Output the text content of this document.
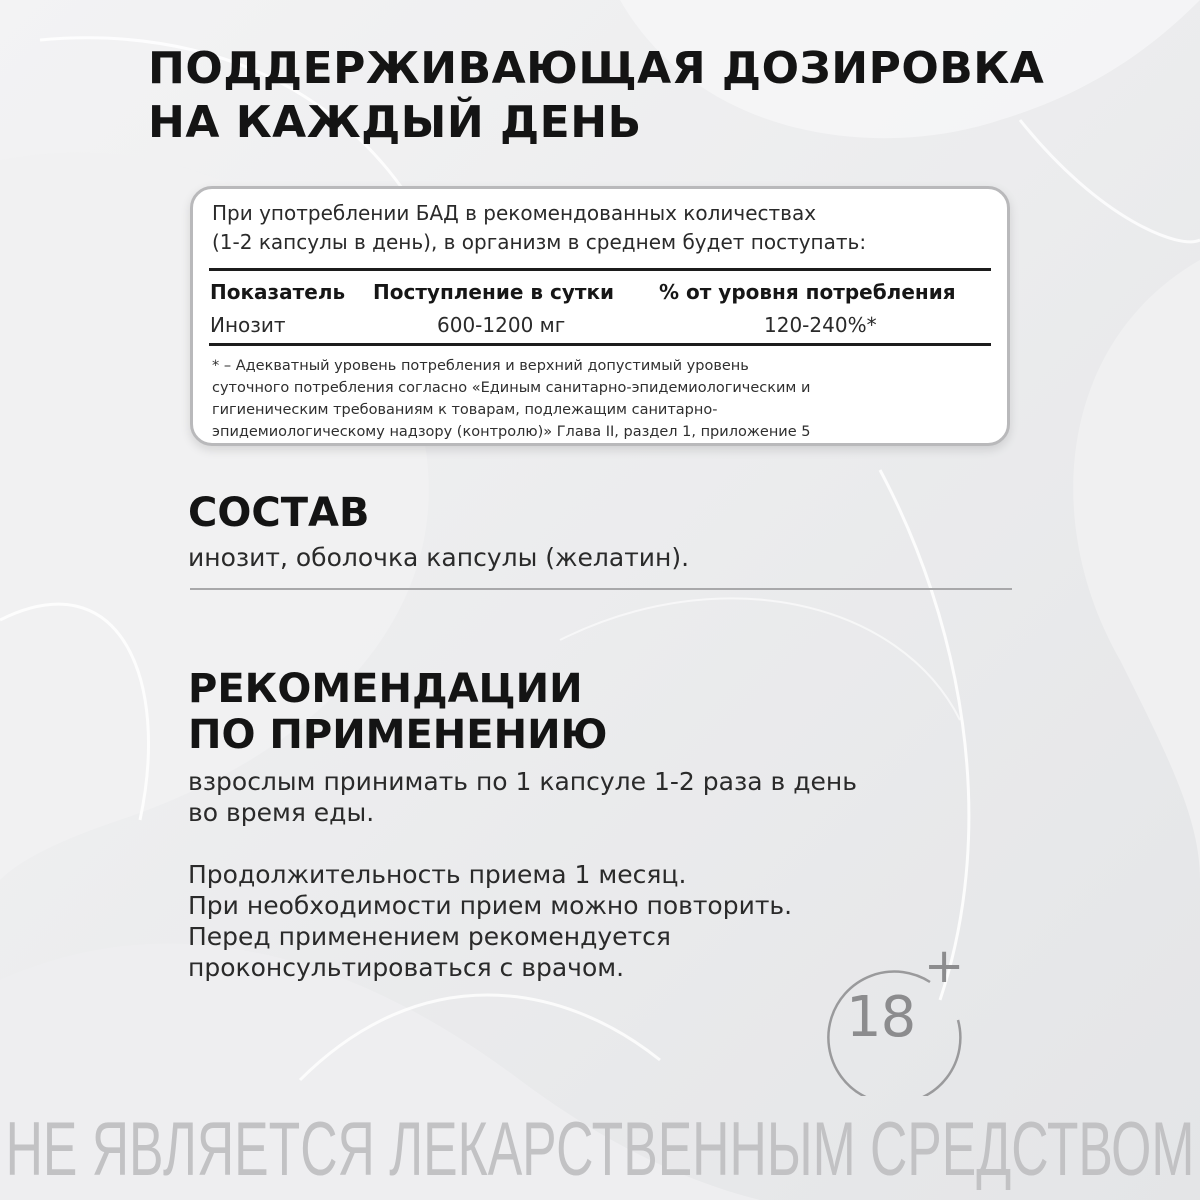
ПОДДЕРЖИВАЮЩАЯ ДОЗИРОВКА
НА КАЖДЫЙ ДЕНЬ
При употреблении БАД в рекомендованных количествах
(1-2 капсулы в день), в организм в среднем будет поступать:
Показатель Поступление в сутки % от уровня потребления
Инозит	600-1200 мг	120-240%*
* – Адекватный уровень потребления и верхний допустимый уровень
суточного потребления согласно «Единым санитарно-эпидемиологическим и
гигиеническим требованиям к товарам, подлежащим санитарно-
эпидемиологическому надзору (контролю)» Глава II, раздел 1, приложение 5
СОСТАВ
инозит, оболочка капсулы (желатин).
РЕКОМЕНДАЦИИ
ПО ПРИМЕНЕНИЮ
взрослым принимать по 1 капсуле 1-2 раза в день
во время еды.
Продолжительность приема 1 месяц.
При необходимости прием можно повторить.
Перед применением рекомендуется
проконсультироваться с врачом.
18
+
НЕ ЯВЛЯЕТСЯ ЛЕКАРСТВЕННЫМ СРЕДСТВОМ
